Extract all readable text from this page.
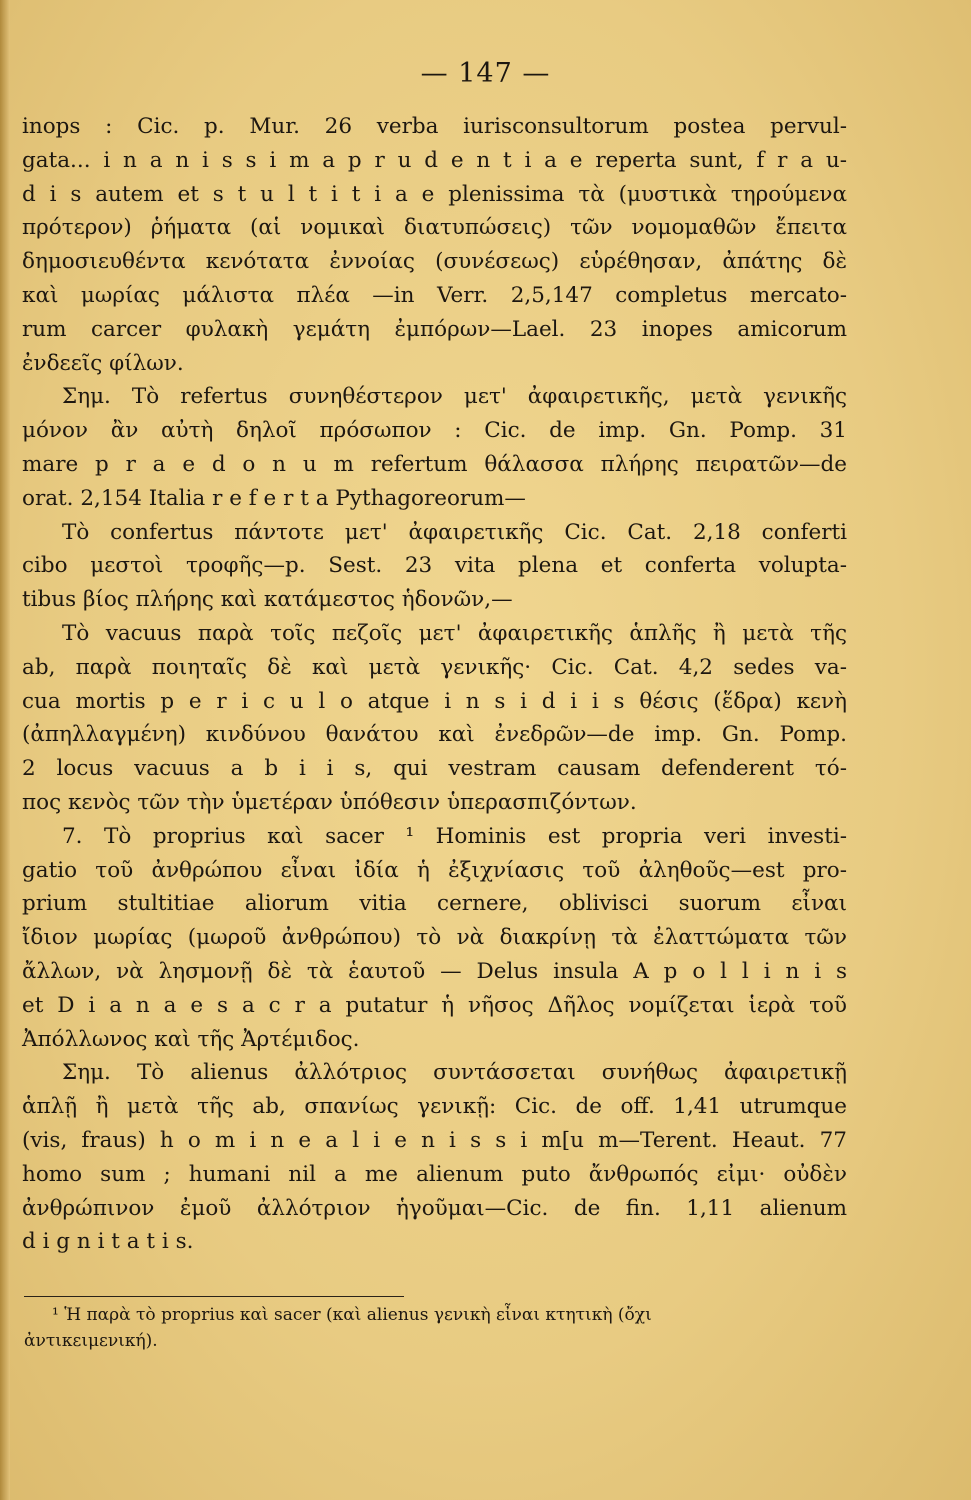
— 147 —
inops : Cic. p. Mur. 26 verba iurisconsultorum postea pervul-
gata... i n a n i s s i m a p r u d e n t i a e reperta sunt, f r a u-
d i s autem et s t u l t i t i a e plenissima τὰ (μυστικὰ τηρούμενα
πρότερον) ῥήματα (αἱ νομικαὶ διατυπώσεις) τῶν νομομαθῶν ἔπειτα
δημοσιευθέντα κενότατα ἐννοίας (συνέσεως) εὑρέθησαν, ἀπάτης δὲ
καὶ μωρίας μάλιστα πλέα —in Verr. 2,5,147 completus mercato-
rum carcer φυλακὴ γεμάτη ἐμπόρων—Lael. 23 inopes amicorum
ἐνδεεῖς φίλων.
Σημ. Τὸ refertus συνηθέστερον μετ' ἀφαιρετικῆς, μετὰ γενικῆς
μόνον ἂν αὐτὴ δηλοῖ πρόσωπον : Cic. de imp. Gn. Pomp. 31
mare p r a e d o n u m refertum θάλασσα πλήρης πειρατῶν—de
orat. 2,154 Italia r e f e r t a Pythagoreorum—
Τὸ confertus πάντοτε μετ' ἀφαιρετικῆς Cic. Cat. 2,18 conferti
cibo μεστοὶ τροφῆς—p. Sest. 23 vita plena et conferta volupta-
tibus βίος πλήρης καὶ κατάμεστος ἡδονῶν,—
Τὸ vacuus παρὰ τοῖς πεζοῖς μετ' ἀφαιρετικῆς ἁπλῆς ἢ μετὰ τῆς
ab, παρὰ ποιηταῖς δὲ καὶ μετὰ γενικῆς· Cic. Cat. 4,2 sedes va-
cua mortis p e r i c u l o atque i n s i d i i s θέσις (ἕδρα) κενὴ
(ἀπηλλαγμένη) κινδύνου θανάτου καὶ ἐνεδρῶν—de imp. Gn. Pomp.
2 locus vacuus a b i i s, qui vestram causam defenderent τό-
πος κενὸς τῶν τὴν ὑμετέραν ὑπόθεσιν ὑπερασπιζόντων.
7. Τὸ proprius καὶ sacer ¹ Hominis est propria veri investi-
gatio τοῦ ἀνθρώπου εἶναι ἰδία ἡ ἐξιχνίασις τοῦ ἀληθοῦς—est pro-
prium stultitiae aliorum vitia cernere, oblivisci suorum εἶναι
ἴδιον μωρίας (μωροῦ ἀνθρώπου) τὸ νὰ διακρίνῃ τὰ ἐλαττώματα τῶν
ἄλλων, νὰ λησμονῇ δὲ τὰ ἑαυτοῦ — Delus insula A p o l l i n i s
et D i a n a e s a c r a putatur ἡ νῆσος Δῆλος νομίζεται ἱερὰ τοῦ
Ἀπόλλωνος καὶ τῆς Ἀρτέμιδος.
Σημ. Τὸ alienus ἀλλότριος συντάσσεται συνήθως ἀφαιρετικῇ
ἁπλῇ ἢ μετὰ τῆς ab, σπανίως γενικῇ: Cic. de off. 1,41 utrumque
(vis, fraus) h o m i n e a l i e n i s s i m[u m—Terent. Heaut. 77
homo sum ; humani nil a me alienum puto ἄνθρωπός εἰμι· οὐδὲν
ἀνθρώπινον ἐμοῦ ἀλλότριον ἡγοῦμαι—Cic. de fin. 1,11 alienum
d i g n i t a t i s.
¹ Ἡ παρὰ τὸ proprius καὶ sacer (καὶ alienus γενικὴ εἶναι κτητικὴ (ὄχι
ἀντικειμενική).
